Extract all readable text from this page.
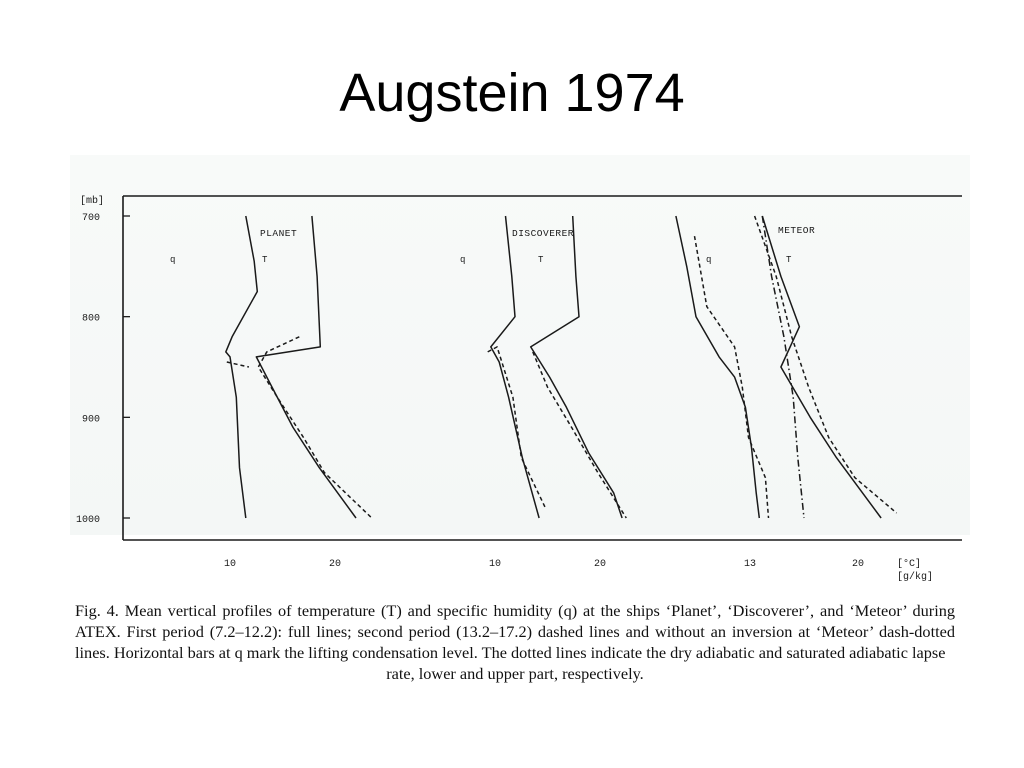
Augstein 1974
[mb]
700
800
900
1000
PLANET
q	T
10	20
DISCOVERER
q	T
10	20
METEOR
q	T
13	20	[°C]
[g/kg]
Fig. 4. Mean vertical profiles of temperature (T) and specific humidity (q) at the ships ‘Planet’, ‘Discoverer’, and ‘Meteor’ during ATEX. First period (7.2–12.2): full lines; second period (13.2–17.2) dashed lines and without an inversion at ‘Meteor’ dash-dotted lines. Horizontal bars at q mark the lifting condensation level. The dotted lines indicate the dry adiabatic and saturated adiabatic lapse
rate, lower and upper part, respectively.
